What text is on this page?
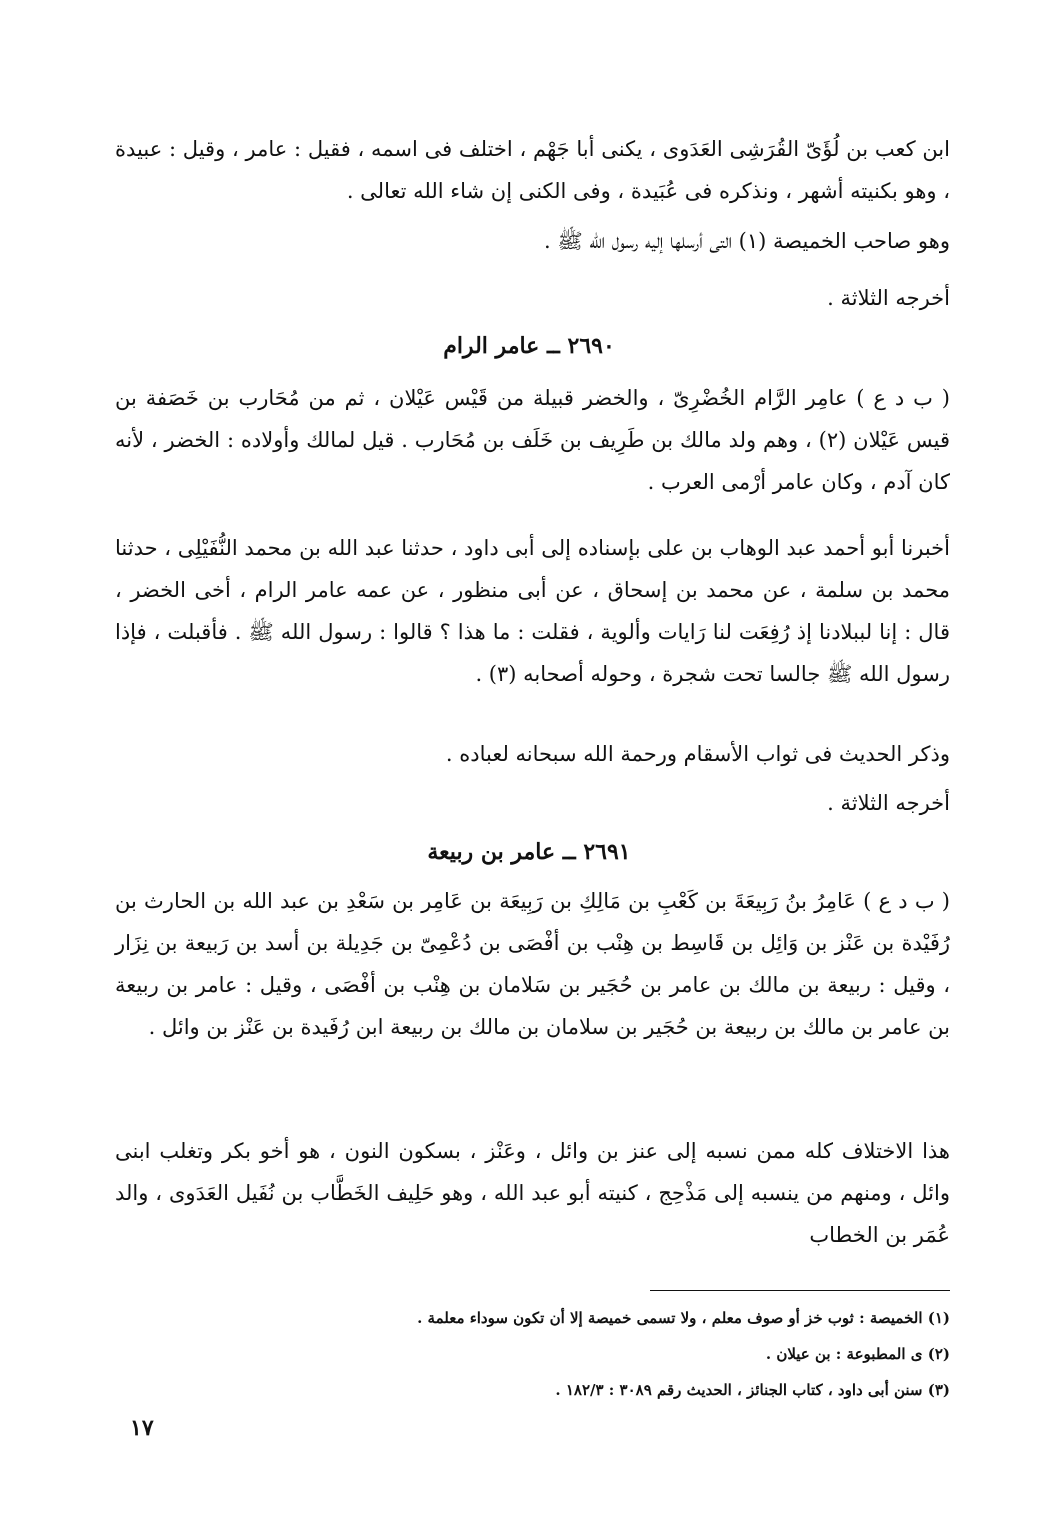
ابن كعب بن لُؤَىّ القُرَشِى العَدَوى ، يكنى أبا جَهْم ، اختلف فى اسمه ، فقيل : عامر ، وقيل : عبيدة ، وهو بكنيته أشهر ، ونذكره فى عُبَيدة ، وفى الكنى إن شاء الله تعالى .

وهو صاحب الخميصة (١) التى أرسلها إليه رسول الله ﷺ .

أخرجه الثلاثة .

٢٦٩٠ ــ عامر الرام

( ب د ع ) عامِر الرَّام الخُضْرِىّ ، والخضر قبيلة من قَيْس عَيْلان ، ثم من مُحَارب بن خَصَفة بن قيس عَيْلان (٢) ، وهم ولد مالك بن طَرِيف بن خَلَف بن مُحَارب . قيل لمالك وأولاده : الخضر ، لأنه كان آدم ، وكان عامر أرْمى العرب .

أخبرنا أبو أحمد عبد الوهاب بن على بإسناده إلى أبى داود ، حدثنا عبد الله بن محمد النُّفَيْلِى ، حدثنا محمد بن سلمة ، عن محمد بن إسحاق ، عن أبى منظور ، عن عمه عامر الرام ، أخى الخضر ، قال : إنا لببلادنا إذ رُفِعَت لنا رَايات وألوية ، فقلت : ما هذا ؟ قالوا : رسول الله ﷺ . فأقبلت ، فإذا رسول الله ﷺ جالسا تحت شجرة ، وحوله أصحابه (٣) .

وذكر الحديث فى ثواب الأسقام ورحمة الله سبحانه لعباده .

أخرجه الثلاثة .

٢٦٩١ ــ عامر بن ربيعة

( ب د ع ) عَامِرُ بنُ رَبِيعَةَ بن كَعْبِ بن مَالِكِ بن رَبِيعَة بن عَامِر بن سَعْدِ بن عبد الله بن الحارث بن رُفَيْدة بن عَنْز بن وَائِل بن قَاسِط بن هِنْب بن أفْصَى بن دُعْمِىّ بن جَدِيلة بن أسد بن رَبيعة بن نِزَار ، وقيل : ربيعة بن مالك بن عامر بن حُجَير بن سَلامان بن هِنْب بن أفْصَى ، وقيل : عامر بن ربيعة بن عامر بن مالك بن ربيعة بن حُجَير بن سلامان بن مالك بن ربيعة ابن رُفَيدة بن عَنْز بن وائل .

هذا الاختلاف كله ممن نسبه إلى عنز بن وائل ، وعَنْز ، بسكون النون ، هو أخو بكر وتغلب ابنى وائل ، ومنهم من ينسبه إلى مَذْحِج ، كنيته أبو عبد الله ، وهو حَلِيف الخَطَّاب بن نُفَيل العَدَوى ، والد عُمَر بن الخطاب

(١) الخميصة : ثوب خز أو صوف معلم ، ولا تسمى خميصة إلا أن تكون سوداء معلمة .

(٢) ى المطبوعة : بن عيلان .

(٣) سنن أبى داود ، كتاب الجنائز ، الحديث رقم ٣٠٨٩ : ١٨٢/٣ .

١٧
